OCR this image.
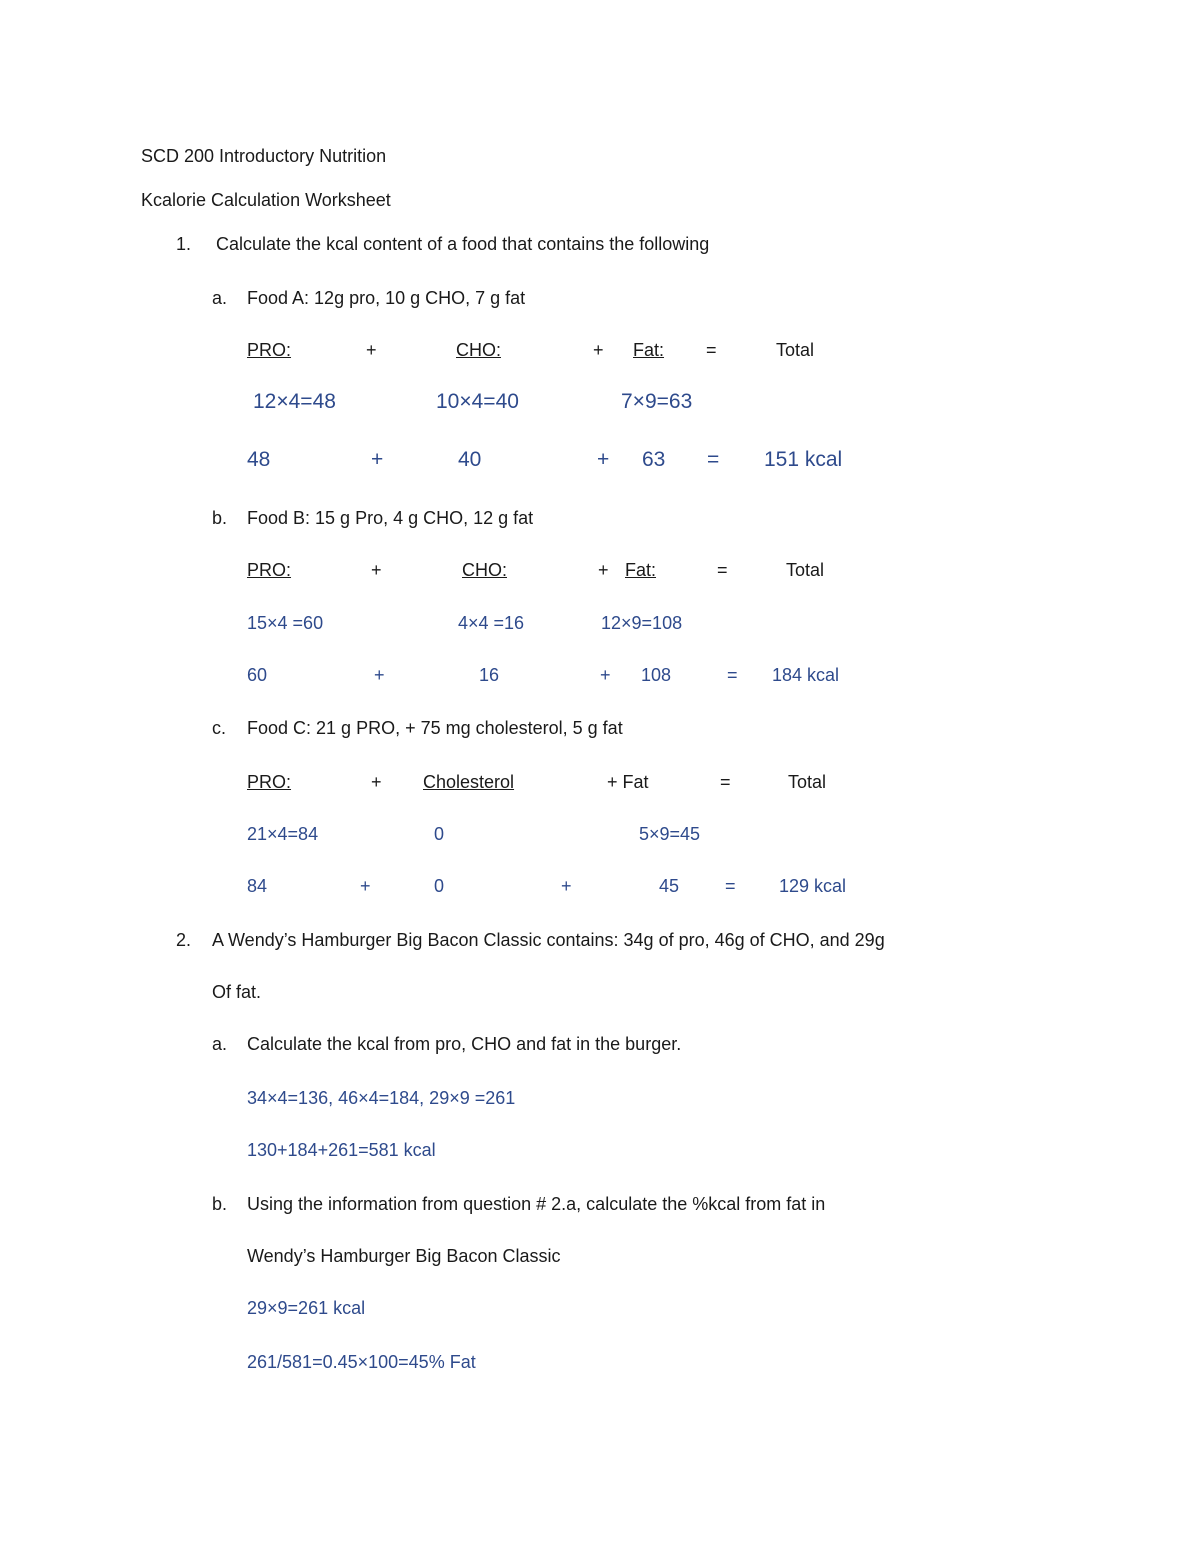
SCD 200 Introductory Nutrition
Kcalorie Calculation Worksheet
1. Calculate the kcal content of a food that contains the following
a. Food A: 12g pro, 10 g CHO, 7 g fat
PRO:	+	CHO:	+ Fat: =	Total
12×4=48	10×4=40	7×9=63
48	+	40	+ 63 = 151 kcal
b. Food B: 15 g Pro, 4 g CHO, 12 g fat
PRO:	+	CHO:	+ Fat:	=	Total
15×4 =60	4×4 =16	12×9=108
60	+	16	+ 108	= 184 kcal
c. Food C: 21 g PRO, + 75 mg cholesterol, 5 g fat
PRO:	+ Cholesterol	+ Fat	=	Total
21×4=84	0	5×9=45
84	+	0	+	45	= 129 kcal
2. A Wendy’s Hamburger Big Bacon Classic contains: 34g of pro, 46g of CHO, and 29g
Of fat.
a. Calculate the kcal from pro, CHO and fat in the burger.
34×4=136, 46×4=184, 29×9 =261
130+184+261=581 kcal
b. Using the information from question # 2.a, calculate the %kcal from fat in
Wendy’s Hamburger Big Bacon Classic
29×9=261 kcal
261/581=0.45×100=45% Fat
